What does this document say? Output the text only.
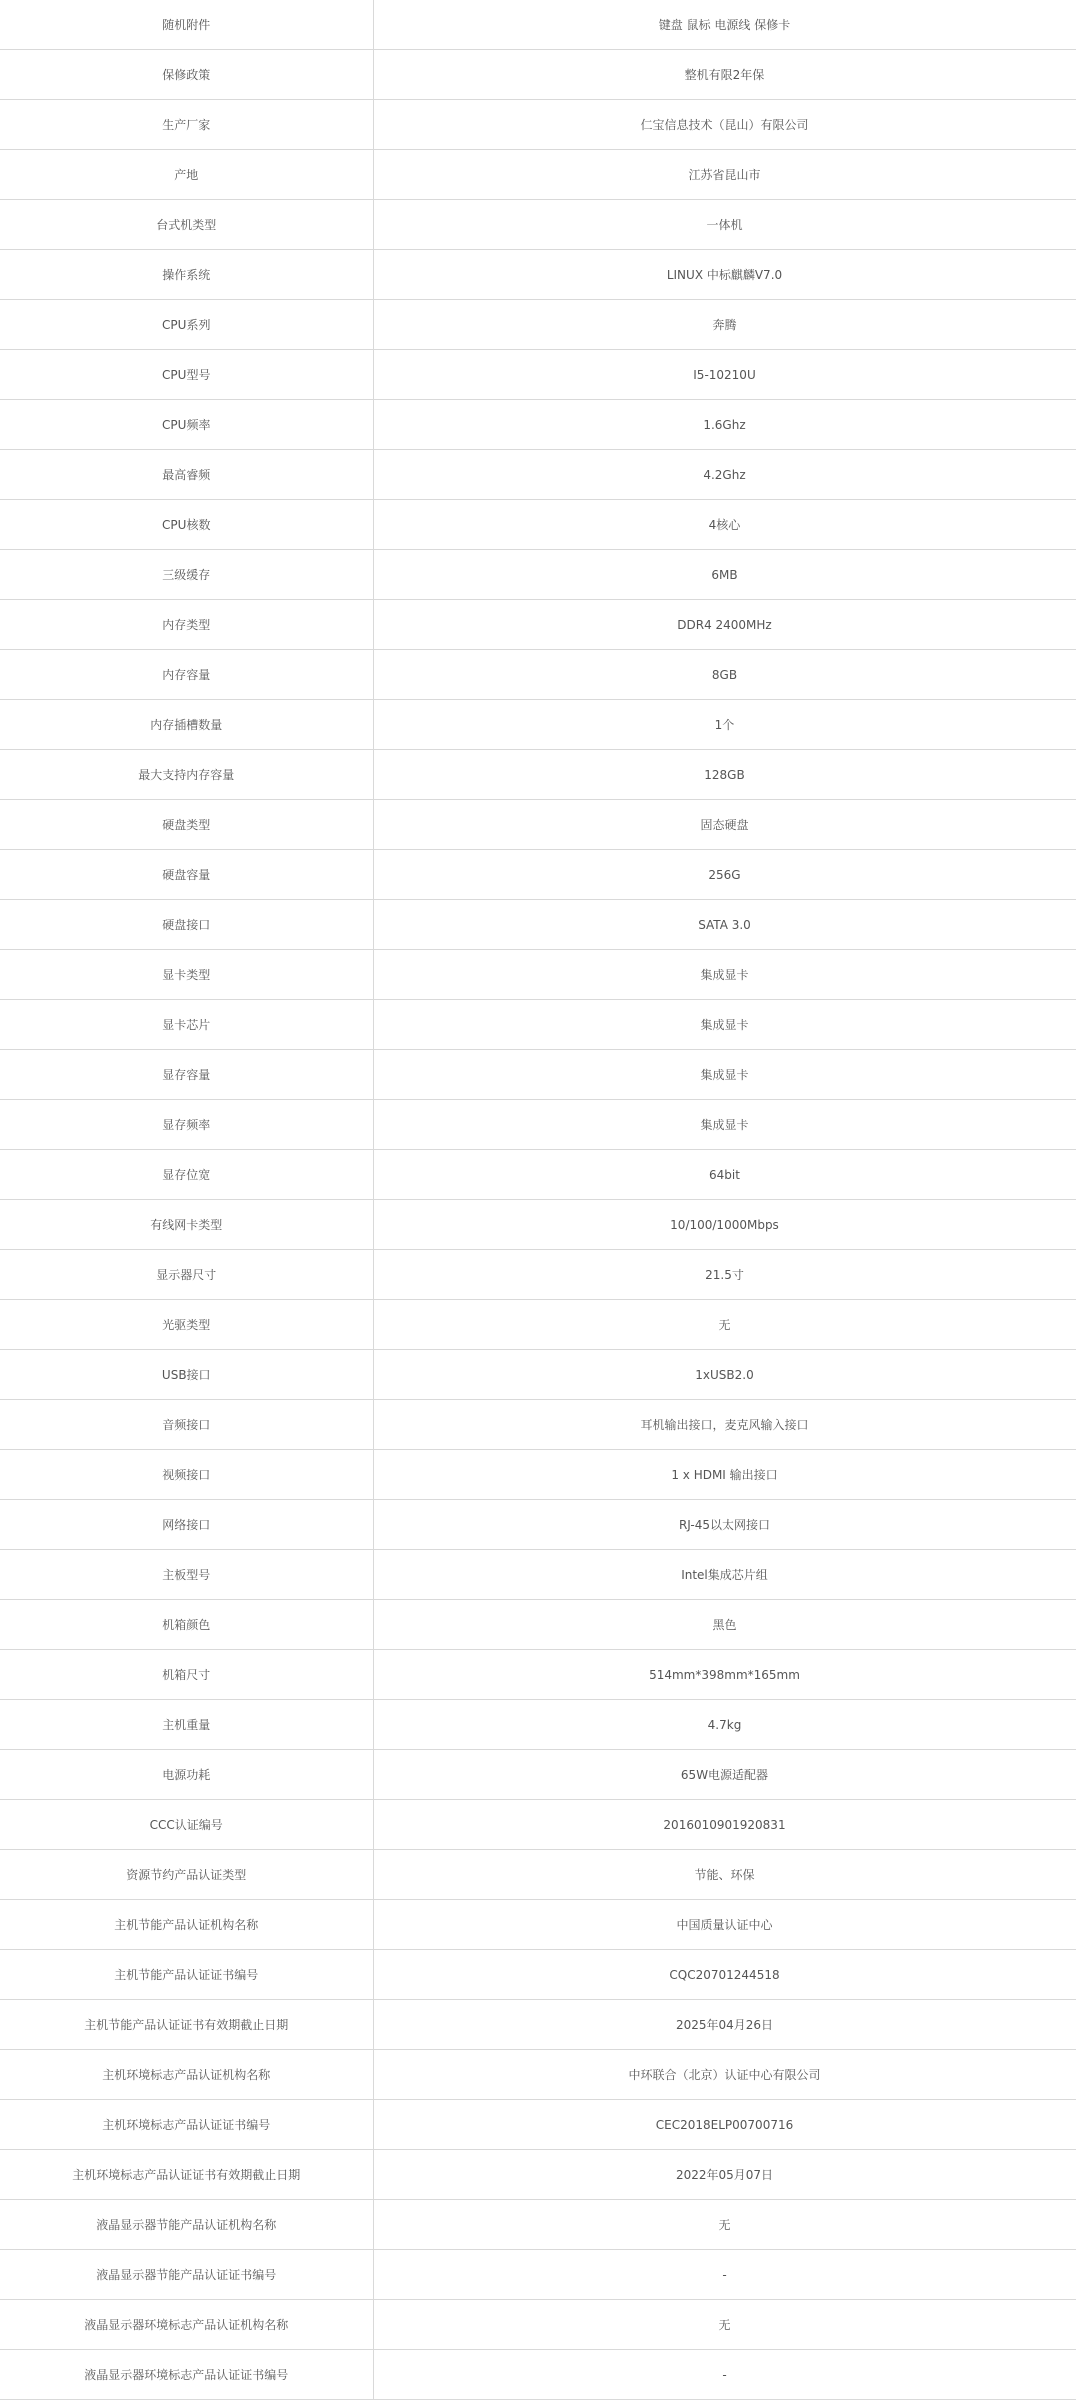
随机附件	键盘 鼠标 电源线 保修卡
保修政策	整机有限2年保
生产厂家	仁宝信息技术（昆山）有限公司
产地	江苏省昆山市
台式机类型	一体机
操作系统	LINUX 中标麒麟V7.0
CPU系列	奔腾
CPU型号	I5-10210U
CPU频率	1.6Ghz
最高睿频	4.2Ghz
CPU核数	4核心
三级缓存	6MB
内存类型	DDR4 2400MHz
内存容量	8GB
内存插槽数量	1个
最大支持内存容量	128GB
硬盘类型	固态硬盘
硬盘容量	256G
硬盘接口	SATA 3.0
显卡类型	集成显卡
显卡芯片	集成显卡
显存容量	集成显卡
显存频率	集成显卡
显存位宽	64bit
有线网卡类型	10/100/1000Mbps
显示器尺寸	21.5寸
光驱类型	无
USB接口	1xUSB2.0
音频接口	耳机输出接口，麦克风输入接口
视频接口	1 x HDMI 输出接口
网络接口	RJ-45以太网接口
主板型号	Intel集成芯片组
机箱颜色	黑色
机箱尺寸	514mm*398mm*165mm
主机重量	4.7kg
电源功耗	65W电源适配器
CCC认证编号	2016010901920831
资源节约产品认证类型	节能、环保
主机节能产品认证机构名称	中国质量认证中心
主机节能产品认证证书编号	CQC20701244518
主机节能产品认证证书有效期截止日期	2025年04月26日
主机环境标志产品认证机构名称	中环联合（北京）认证中心有限公司
主机环境标志产品认证证书编号	CEC2018ELP00700716
主机环境标志产品认证证书有效期截止日期	2022年05月07日
液晶显示器节能产品认证机构名称	无
液晶显示器节能产品认证证书编号	-
液晶显示器环境标志产品认证机构名称	无
液晶显示器环境标志产品认证证书编号	-
